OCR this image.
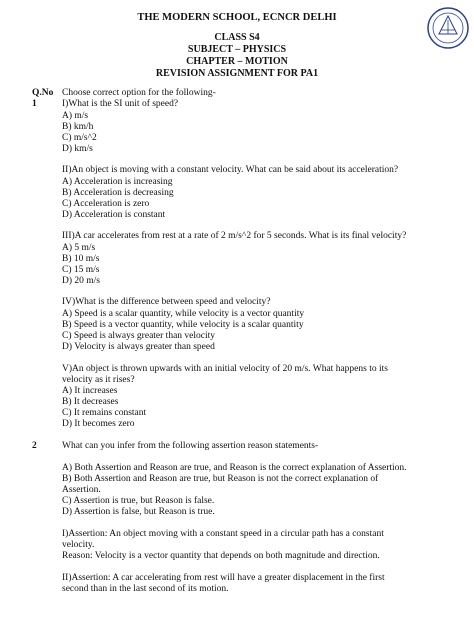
THE MODERN SCHOOL, ECNCR DELHI
CLASS S4
SUBJECT – PHYSICS
CHAPTER – MOTION
REVISION ASSIGNMENT FOR PA1
Q.No
1
Choose correct option for the following-
I)What is the SI unit of speed?
A) m/s
B) km/h
C) m/s^2
D) km/s
II)An object is moving with a constant velocity. What can be said about its acceleration?
A) Acceleration is increasing
B) Acceleration is decreasing
C) Acceleration is zero
D) Acceleration is constant
III)A car accelerates from rest at a rate of 2 m/s^2 for 5 seconds. What is its final velocity?
A) 5 m/s
B) 10 m/s
C) 15 m/s
D) 20 m/s
IV)What is the difference between speed and velocity?
A) Speed is a scalar quantity, while velocity is a vector quantity
B) Speed is a vector quantity, while velocity is a scalar quantity
C) Speed is always greater than velocity
D) Velocity is always greater than speed
V)An object is thrown upwards with an initial velocity of 20 m/s. What happens to its
velocity as it rises?
A) It increases
B) It decreases
C) It remains constant
D) It becomes zero
2	What can you infer from the following assertion reason statements-
A) Both Assertion and Reason are true, and Reason is the correct explanation of Assertion.
B) Both Assertion and Reason are true, but Reason is not the correct explanation of
Assertion.
C) Assertion is true, but Reason is false.
D) Assertion is false, but Reason is true.
I)Assertion: An object moving with a constant speed in a circular path has a constant
velocity.
Reason: Velocity is a vector quantity that depends on both magnitude and direction.
II)Assertion: A car accelerating from rest will have a greater displacement in the first
second than in the last second of its motion.
